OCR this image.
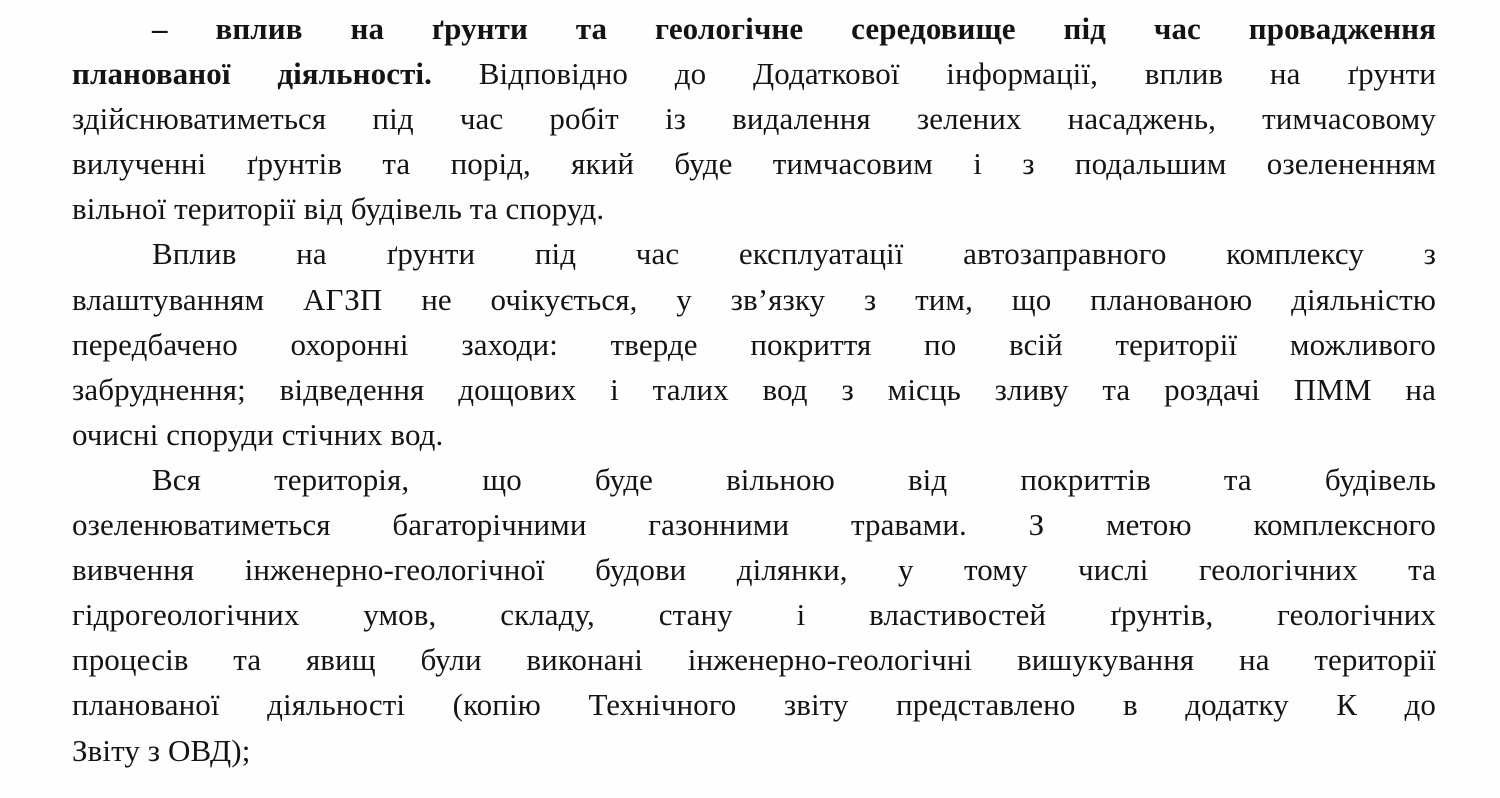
– вплив на ґрунти та геологічне середовище під час провадження
планованої діяльності. Відповідно до Додаткової інформації, вплив на ґрунти
здійснюватиметься під час робіт із видалення зелених насаджень, тимчасовому
вилученні ґрунтів та порід, який буде тимчасовим і з подальшим озелененням
вільної території від будівель та споруд.
Вплив на ґрунти під час експлуатації автозаправного комплексу з
влаштуванням АГЗП не очікується, у зв’язку з тим, що планованою діяльністю
передбачено охоронні заходи: тверде покриття по всій території можливого
забруднення; відведення дощових і талих вод з місць зливу та роздачі ПММ на
очисні споруди стічних вод.
Вся територія, що буде вільною від покриттів та будівель
озеленюватиметься багаторічними газонними травами. З метою комплексного
вивчення інженерно-геологічної будови ділянки, у тому числі геологічних та
гідрогеологічних умов, складу, стану і властивостей ґрунтів, геологічних
процесів та явищ були виконані інженерно-геологічні вишукування на території
планованої діяльності (копію Технічного звіту представлено в додатку К до
Звіту з ОВД);
